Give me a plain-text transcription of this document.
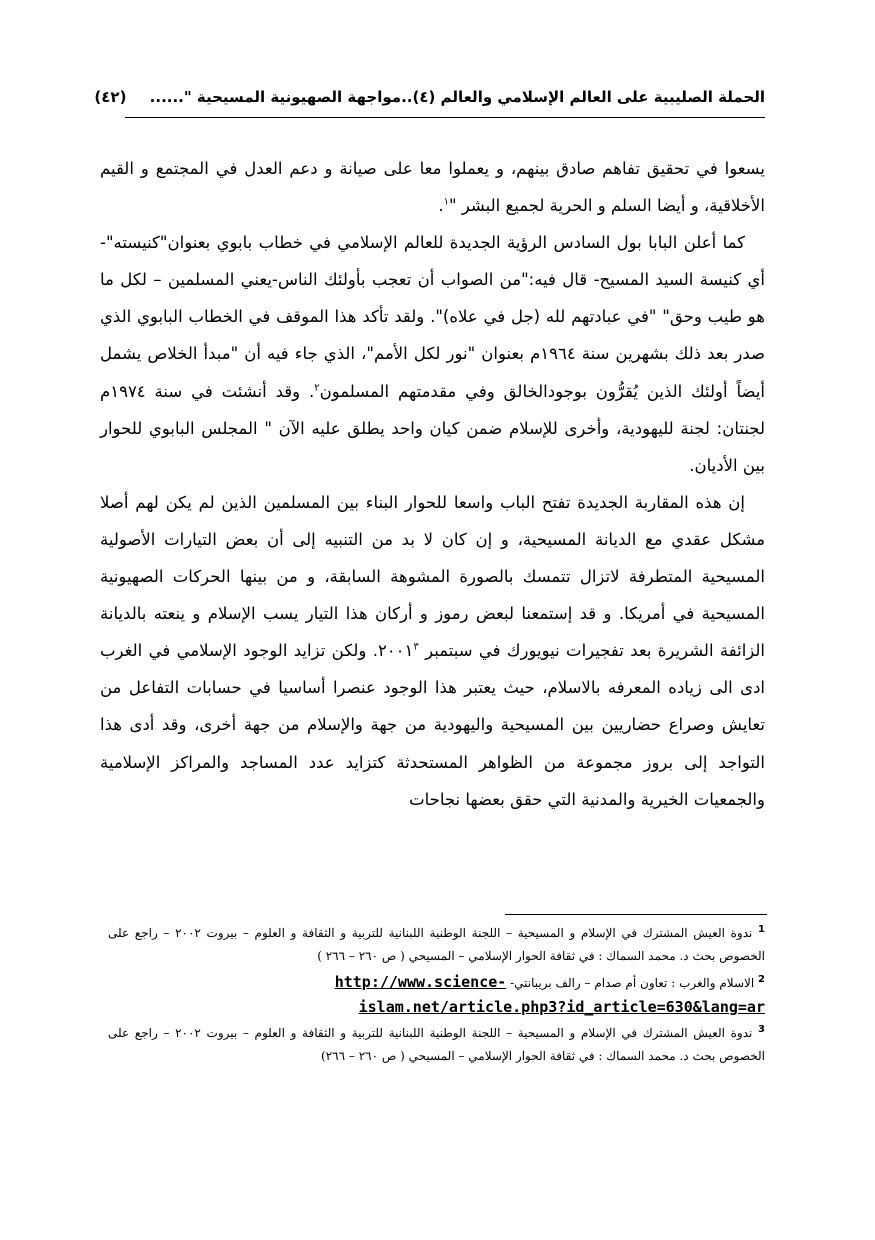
الحملة الصليبية على العالم الإسلامي والعالم (٤)..مواجهة الصهيونية المسيحية "...... (٤٢)

يسعوا في تحقيق تفاهم صادق بينهم، و يعملوا معا على صيانة و دعم العدل في المجتمع و القيم الأخلاقية، و أيضا السلم و الحرية لجميع البشر "$^١$.

كما أعلن البابا بول السادس الرؤية الجديدة للعالم الإسلامي في خطاب بابوي بعنوان"كنيسته"-أي كنيسة السيد المسيح- قال فيه:"من الصواب أن تعجب بأولئك الناس-يعني المسلمين – لكل ما هو طيب وحق" "في عبادتهم لله (جل في علاه)". ولقد تأكد هذا الموقف في الخطاب البابوي الذي صدر بعد ذلك بشهرين سنة ١٩٦٤م بعنوان "نور لكل الأمم"، الذي جاء فيه أن "مبدأ الخلاص يشمل أيضاً أولئك الذين يُقرُّون بوجودالخالق وفي مقدمتهم المسلمون$^٢$. وقد أنشئت في سنة ١٩٧٤م لجنتان: لجنة لليهودية، وأخرى للإسلام ضمن كيان واحد يطلق عليه الآن " المجلس البابوي للحوار بين الأديان.

إن هذه المقاربة الجديدة تفتح الباب واسعا للحوار البناء بين المسلمين الذين لم يكن لهم أصلا مشكل عقدي مع الديانة المسيحية، و إن كان لا بد من التنبيه إلى أن بعض التيارات الأصولية المسيحية المتطرفة لاتزال تتمسك بالصورة المشوهة السابقة، و من بينها الحركات الصهيونية المسيحية في أمريكا. و قد إستمعنا لبعض رموز و أركان هذا التيار يسب الإسلام و ينعته بالديانة الزائفة الشريرة بعد تفجيرات نيويورك في سبتمبر ٢٠٠١$^٣$. ولكن تزايد الوجود الإسلامي في الغرب ادى الى زياده المعرفه بالاسلام، حيث يعتبر هذا الوجود عنصرا أساسيا في حسابات التفاعل من تعايش وصراع حضاريين بين المسيحية واليهودية من جهة والإسلام من جهة أخرى، وقد أدى هذا التواجد إلى بروز مجموعة من الظواهر المستحدثة كتزايد عدد المساجد والمراكز الإسلامية والجمعيات الخيرية والمدنية التي حقق بعضها نجاحات

$^1$ ندوة العيش المشترك في الإسلام و المسيحية – اللجنة الوطنية اللبنانية للتربية و الثقافة و العلوم – بيروت ٢٠٠٢ – راجع على الخصوص بحث د. محمد السماك : في ثقافة الحوار الإسلامي – المسيحي ( ص ٢٦٠ – ٢٦٦ )

$^2$ الاسلام والغرب : تعاون أم صدام – رالف بريبانتي- http://www.science-
islam.net/article.php3?id_article=630&lang=ar

$^3$ ندوة العيش المشترك في الإسلام و المسيحية – اللجنة الوطنية اللبنانية للتربية و الثقافة و العلوم – بيروت ٢٠٠٢ – راجع على الخصوص بحث د. محمد السماك : في ثقافة الحوار الإسلامي – المسيحي ( ص ٢٦٠ – ٢٦٦)
